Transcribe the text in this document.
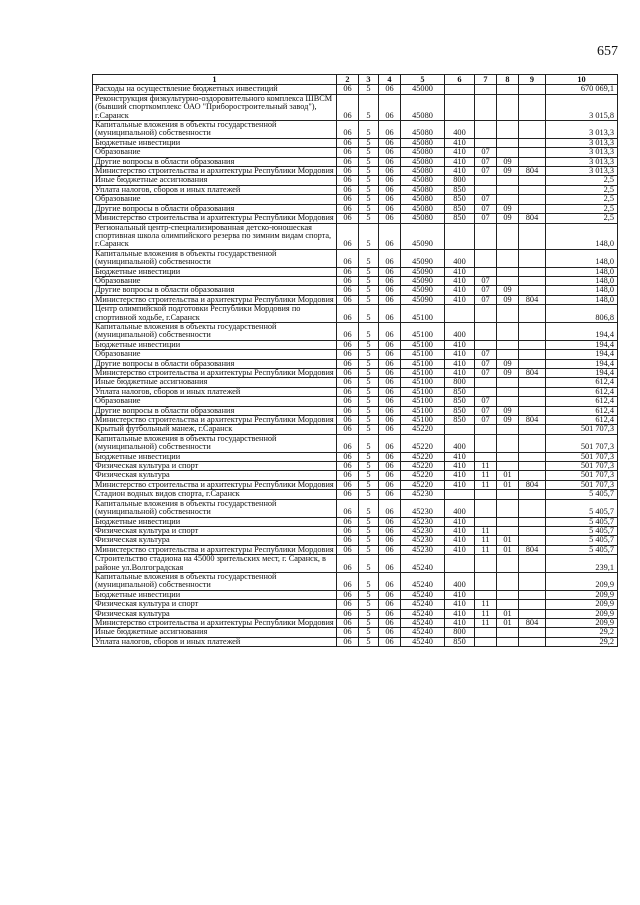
657
1	2	3	4	5	6	7	8	9	10
Расходы на осуществление бюджетных инвестиций	06	5	06	45000					670 069,1
Реконструкция физкультурно-оздоровительного комплекса ШВСМ (бывший спорткомплекс ОАО "Приборостроительный завод"), г.Саранск	06	5	06	45080					3 015,8
Капитальные вложения в объекты государственной (муниципальной) собственности	06	5	06	45080	400				3 013,3
Бюджетные инвестиции	06	5	06	45080	410				3 013,3
Образование	06	5	06	45080	410	07			3 013,3
Другие вопросы в области образования	06	5	06	45080	410	07	09		3 013,3
Министерство строительства и архитектуры Республики Мордовия	06	5	06	45080	410	07	09	804	3 013,3
Иные бюджетные ассигнования	06	5	06	45080	800				2,5
Уплата налогов, сборов и иных платежей	06	5	06	45080	850				2,5
Образование	06	5	06	45080	850	07			2,5
Другие вопросы в области образования	06	5	06	45080	850	07	09		2,5
Министерство строительства и архитектуры Республики Мордовия	06	5	06	45080	850	07	09	804	2,5
Региональный центр-специализированная детско-юношеская спортивная школа олимпийского резерва по зимним видам спорта, г.Саранск	06	5	06	45090					148,0
Капитальные вложения в объекты государственной (муниципальной) собственности	06	5	06	45090	400				148,0
Бюджетные инвестиции	06	5	06	45090	410				148,0
Образование	06	5	06	45090	410	07			148,0
Другие вопросы в области образования	06	5	06	45090	410	07	09		148,0
Министерство строительства и архитектуры Республики Мордовия	06	5	06	45090	410	07	09	804	148,0
Центр олимпийской подготовки Республики Мордовия по спортивной ходьбе, г.Саранск	06	5	06	45100					806,8
Капитальные вложения в объекты государственной (муниципальной) собственности	06	5	06	45100	400				194,4
Бюджетные инвестиции	06	5	06	45100	410				194,4
Образование	06	5	06	45100	410	07			194,4
Другие вопросы в области образования	06	5	06	45100	410	07	09		194,4
Министерство строительства и архитектуры Республики Мордовия	06	5	06	45100	410	07	09	804	194,4
Иные бюджетные ассигнования	06	5	06	45100	800				612,4
Уплата налогов, сборов и иных платежей	06	5	06	45100	850				612,4
Образование	06	5	06	45100	850	07			612,4
Другие вопросы в области образования	06	5	06	45100	850	07	09		612,4
Министерство строительства и архитектуры Республики Мордовия	06	5	06	45100	850	07	09	804	612,4
Крытый футбольный манеж, г.Саранск	06	5	06	45220					501 707,3
Капитальные вложения в объекты государственной (муниципальной) собственности	06	5	06	45220	400				501 707,3
Бюджетные инвестиции	06	5	06	45220	410				501 707,3
Физическая культура и спорт	06	5	06	45220	410	11			501 707,3
Физическая культура	06	5	06	45220	410	11	01		501 707,3
Министерство строительства и архитектуры Республики Мордовия	06	5	06	45220	410	11	01	804	501 707,3
Стадион водных видов спорта, г.Саранск	06	5	06	45230					5 405,7
Капитальные вложения в объекты государственной (муниципальной) собственности	06	5	06	45230	400				5 405,7
Бюджетные инвестиции	06	5	06	45230	410				5 405,7
Физическая культура и спорт	06	5	06	45230	410	11			5 405,7
Физическая культура	06	5	06	45230	410	11	01		5 405,7
Министерство строительства и архитектуры Республики Мордовия	06	5	06	45230	410	11	01	804	5 405,7
Строительство стадиона на 45000 зрительских мест, г. Саранск, в районе ул.Волгоградская	06	5	06	45240					239,1
Капитальные вложения в объекты государственной (муниципальной) собственности	06	5	06	45240	400				209,9
Бюджетные инвестиции	06	5	06	45240	410				209,9
Физическая культура и спорт	06	5	06	45240	410	11			209,9
Физическая культура	06	5	06	45240	410	11	01		209,9
Министерство строительства и архитектуры Республики Мордовия	06	5	06	45240	410	11	01	804	209,9
Иные бюджетные ассигнования	06	5	06	45240	800				29,2
Уплата налогов, сборов и иных платежей	06	5	06	45240	850				29,2
